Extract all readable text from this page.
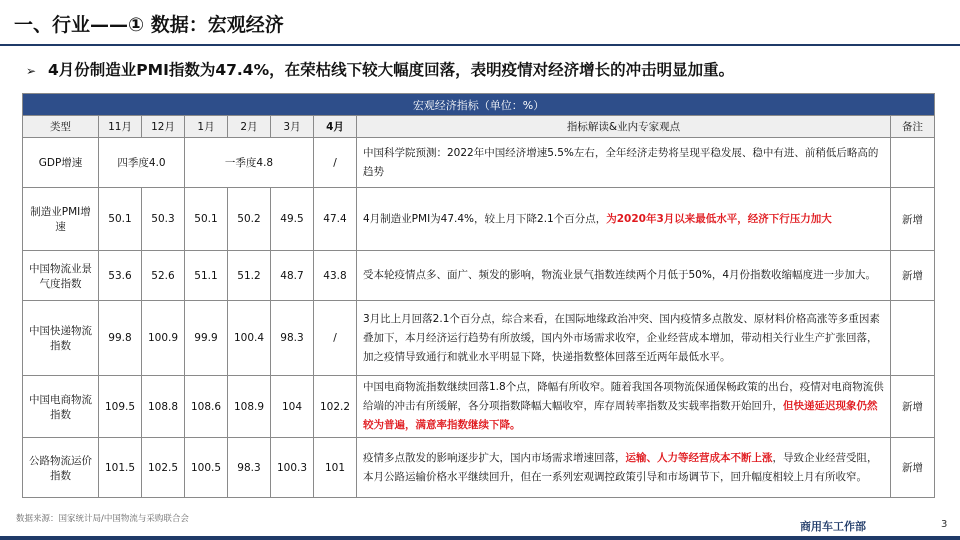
一、行业——① 数据：宏观经济
➢ 4月份制造业PMI指数为47.4%，在荣枯线下较大幅度回落，表明疫情对经济增长的冲击明显加重。
宏观经济指标（单位：%）								
类型	11月	12月	1月	2月	3月	4月	指标解读&业内专家观点	备注
GDP增速	四季度4.0		一季度4.8			/	中国科学院预测：2022年中国经济增速5.5%左右，全年经济走势将呈现平稳发展、稳中有进、前稍低后略高的趋势	
制造业PMI增速	50.1	50.3	50.1	50.2	49.5	47.4	4月制造业PMI为47.4%，较上月下降2.1个百分点，为2020年3月以来最低水平，经济下行压力加大	新增
中国物流业景气度指数	53.6	52.6	51.1	51.2	48.7	43.8	受本轮疫情点多、面广、频发的影响，物流业景气指数连续两个月低于50%，4月份指数收缩幅度进一步加大。	新增
中国快递物流指数	99.8	100.9	99.9	100.4	98.3	/	3月比上月回落2.1个百分点，综合来看，在国际地缘政治冲突、国内疫情多点散发、原材料价格高涨等多重因素叠加下，本月经济运行趋势有所放缓，国内外市场需求收窄，企业经营成本增加，带动相关行业生产扩张回落，加之疫情导致通行和就业水平明显下降，快递指数整体回落至近两年最低水平。	
中国电商物流指数	109.5	108.8	108.6	108.9	104	102.2	中国电商物流指数继续回落1.8个点，降幅有所收窄。随着我国各项物流保通保畅政策的出台，疫情对电商物流供给端的冲击有所缓解，各分项指数降幅大幅收窄，库存周转率指数及实载率指数开始回升，但快递延迟现象仍然较为普遍，满意率指数继续下降。	新增
公路物流运价指数	101.5	102.5	100.5	98.3	100.3	101	疫情多点散发的影响逐步扩大，国内市场需求增速回落，运输、人力等经营成本不断上涨，导致企业经营受阻，本月公路运输价格水平继续回升，但在一系列宏观调控政策引导和市场调节下，回升幅度相较上月有所收窄。	新增
数据来源：国家统计局/中国物流与采购联合会
商用车工作部	3
